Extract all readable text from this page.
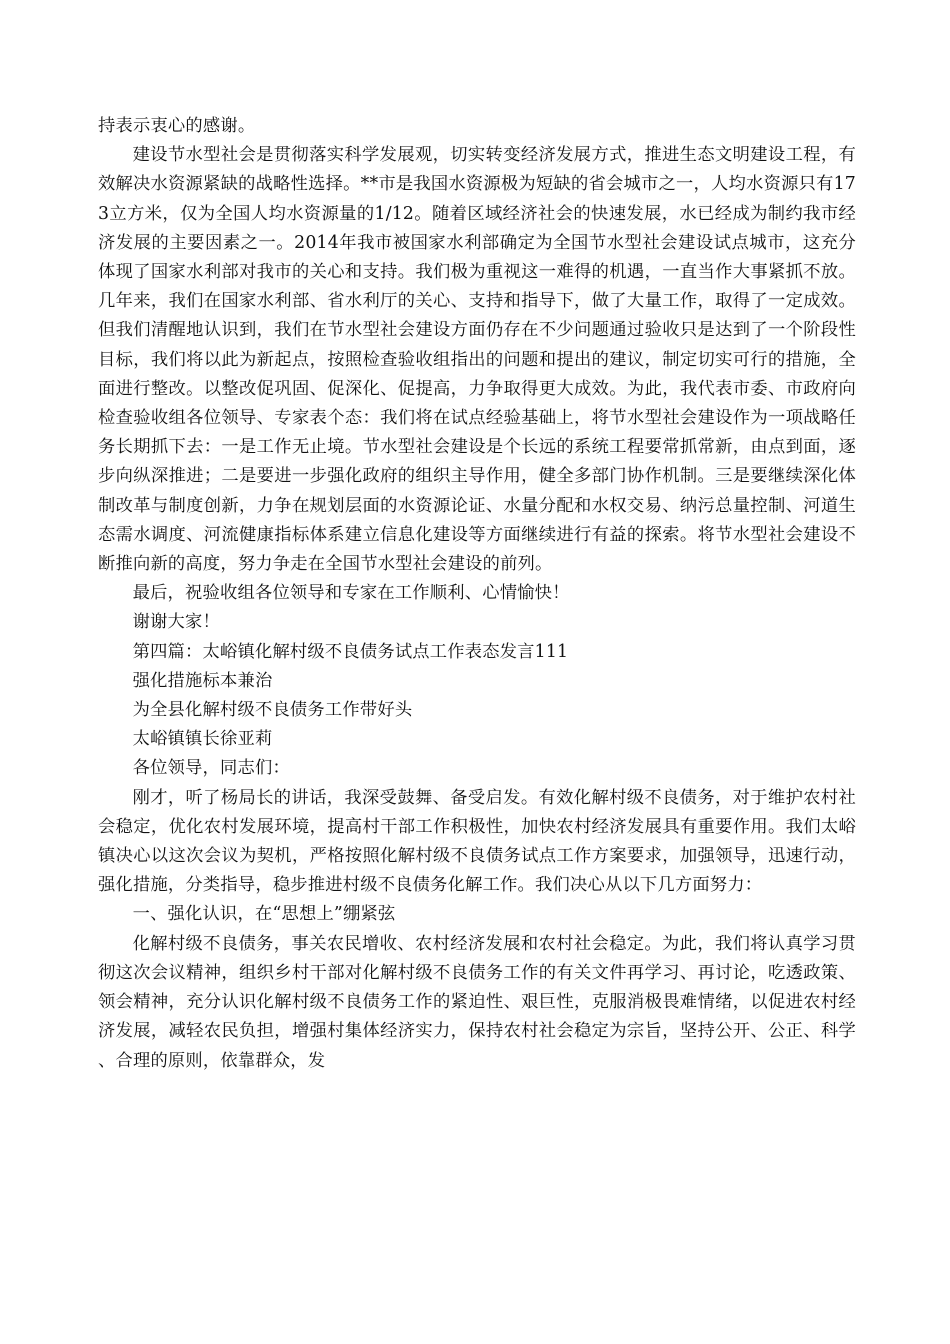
持表示衷心的感谢。

建设节水型社会是贯彻落实科学发展观，切实转变经济发展方式，推进生态文明建设工程，有效解决水资源紧缺的战略性选择。**市是我国水资源极为短缺的省会城市之一，人均水资源只有173立方米，仅为全国人均水资源量的1/12。随着区域经济社会的快速发展，水已经成为制约我市经济发展的主要因素之一。2014年我市被国家水利部确定为全国节水型社会建设试点城市，这充分体现了国家水利部对我市的关心和支持。我们极为重视这一难得的机遇，一直当作大事紧抓不放。几年来，我们在国家水利部、省水利厅的关心、支持和指导下，做了大量工作，取得了一定成效。但我们清醒地认识到，我们在节水型社会建设方面仍存在不少问题通过验收只是达到了一个阶段性目标，我们将以此为新起点，按照检查验收组指出的问题和提出的建议，制定切实可行的措施，全面进行整改。以整改促巩固、促深化、促提高，力争取得更大成效。为此，我代表市委、市政府向检查验收组各位领导、专家表个态：我们将在试点经验基础上，将节水型社会建设作为一项战略任务长期抓下去：一是工作无止境。节水型社会建设是个长远的系统工程要常抓常新，由点到面，逐步向纵深推进；二是要进一步强化政府的组织主导作用，健全多部门协作机制。三是要继续深化体制改革与制度创新，力争在规划层面的水资源论证、水量分配和水权交易、纳污总量控制、河道生态需水调度、河流健康指标体系建立信息化建设等方面继续进行有益的探索。将节水型社会建设不断推向新的高度，努力争走在全国节水型社会建设的前列。

最后，祝验收组各位领导和专家在工作顺利、心情愉快！

谢谢大家！

第四篇：太峪镇化解村级不良债务试点工作表态发言111

强化措施标本兼治

为全县化解村级不良债务工作带好头

太峪镇镇长徐亚莉

各位领导，同志们：

刚才，听了杨局长的讲话，我深受鼓舞、备受启发。有效化解村级不良债务，对于维护农村社会稳定，优化农村发展环境，提高村干部工作积极性，加快农村经济发展具有重要作用。我们太峪镇决心以这次会议为契机，严格按照化解村级不良债务试点工作方案要求，加强领导，迅速行动，强化措施，分类指导，稳步推进村级不良债务化解工作。我们决心从以下几方面努力：

一、强化认识，在“思想上”绷紧弦

化解村级不良债务，事关农民增收、农村经济发展和农村社会稳定。为此，我们将认真学习贯彻这次会议精神，组织乡村干部对化解村级不良债务工作的有关文件再学习、再讨论，吃透政策、领会精神，充分认识化解村级不良债务工作的紧迫性、艰巨性，克服消极畏难情绪，以促进农村经济发展，减轻农民负担，增强村集体经济实力，保持农村社会稳定为宗旨，坚持公开、公正、科学、合理的原则，依靠群众，发
